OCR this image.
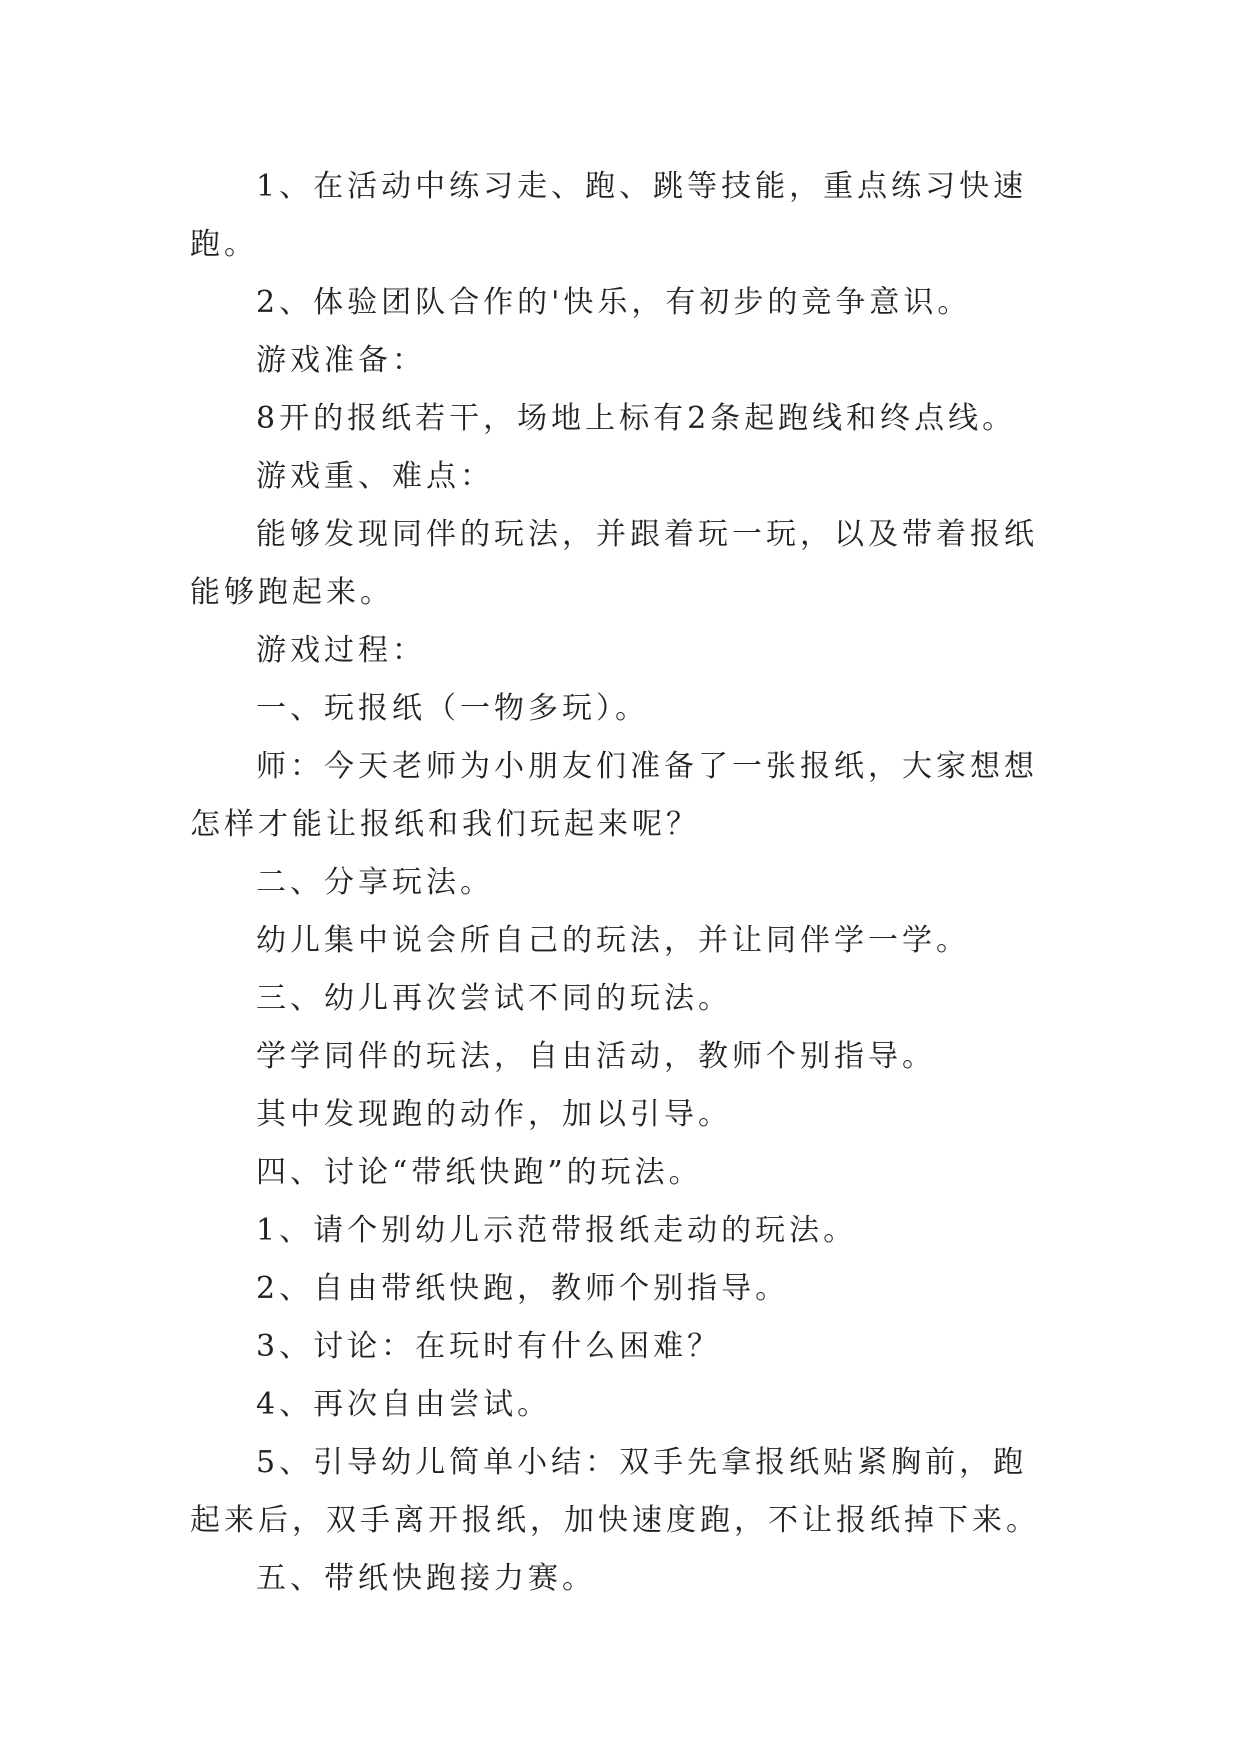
1、在活动中练习走、跑、跳等技能，重点练习快速跑。

2、体验团队合作的'快乐，有初步的竞争意识。

游戏准备：

8开的报纸若干，场地上标有2条起跑线和终点线。

游戏重、难点：

能够发现同伴的玩法，并跟着玩一玩，以及带着报纸能够跑起来。

游戏过程：

一、玩报纸（一物多玩）。

师：今天老师为小朋友们准备了一张报纸，大家想想怎样才能让报纸和我们玩起来呢？

二、分享玩法。

幼儿集中说会所自己的玩法，并让同伴学一学。

三、幼儿再次尝试不同的玩法。

学学同伴的玩法，自由活动，教师个别指导。

其中发现跑的动作，加以引导。

四、讨论“带纸快跑”的玩法。

1、请个别幼儿示范带报纸走动的玩法。

2、自由带纸快跑，教师个别指导。

3、讨论：在玩时有什么困难？

4、再次自由尝试。

5、引导幼儿简单小结：双手先拿报纸贴紧胸前，跑起来后，双手离开报纸，加快速度跑，不让报纸掉下来。

五、带纸快跑接力赛。
